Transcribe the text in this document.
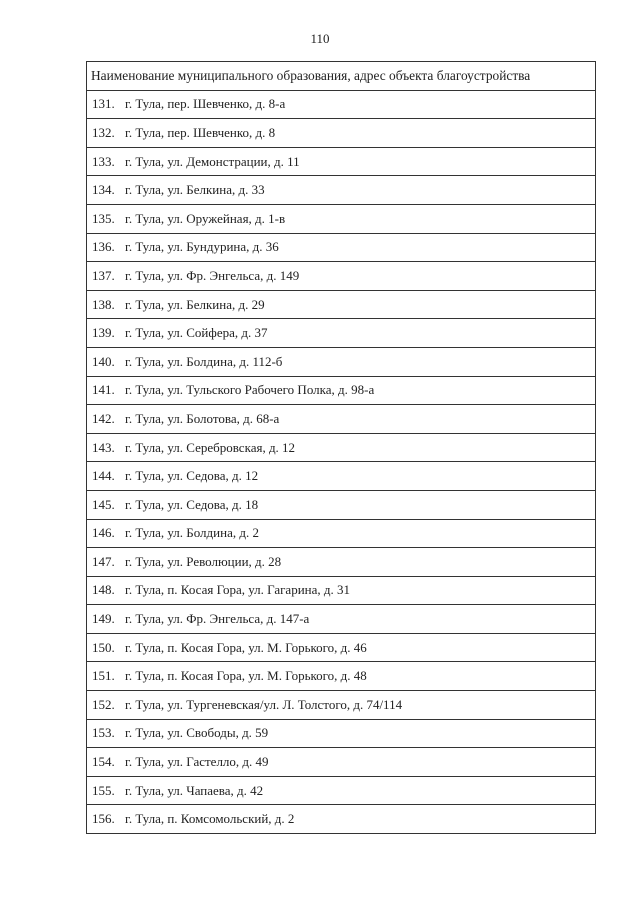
110
Наименование муниципального образования, адрес объекта благоустройства
131. г. Тула, пер. Шевченко, д. 8-а
132. г. Тула, пер. Шевченко, д. 8
133. г. Тула, ул. Демонстрации, д. 11
134. г. Тула, ул. Белкина, д. 33
135. г. Тула, ул. Оружейная, д. 1-в
136. г. Тула, ул. Бундурина, д. 36
137. г. Тула, ул. Фр. Энгельса, д. 149
138. г. Тула, ул. Белкина, д. 29
139. г. Тула, ул. Сойфера, д. 37
140. г. Тула, ул. Болдина, д. 112-б
141. г. Тула, ул. Тульского Рабочего Полка, д. 98-а
142. г. Тула, ул. Болотова, д. 68-а
143. г. Тула, ул. Серебровская, д. 12
144. г. Тула, ул. Седова, д. 12
145. г. Тула, ул. Седова, д. 18
146. г. Тула, ул. Болдина, д. 2
147. г. Тула, ул. Революции, д. 28
148. г. Тула, п. Косая Гора, ул. Гагарина, д. 31
149. г. Тула, ул. Фр. Энгельса, д. 147-а
150. г. Тула, п. Косая Гора, ул. М. Горького, д. 46
151. г. Тула, п. Косая Гора, ул. М. Горького, д. 48
152. г. Тула, ул. Тургеневская/ул. Л. Толстого, д. 74/114
153. г. Тула, ул. Свободы, д. 59
154. г. Тула, ул. Гастелло, д. 49
155. г. Тула, ул. Чапаева, д. 42
156. г. Тула, п. Комсомольский, д. 2
